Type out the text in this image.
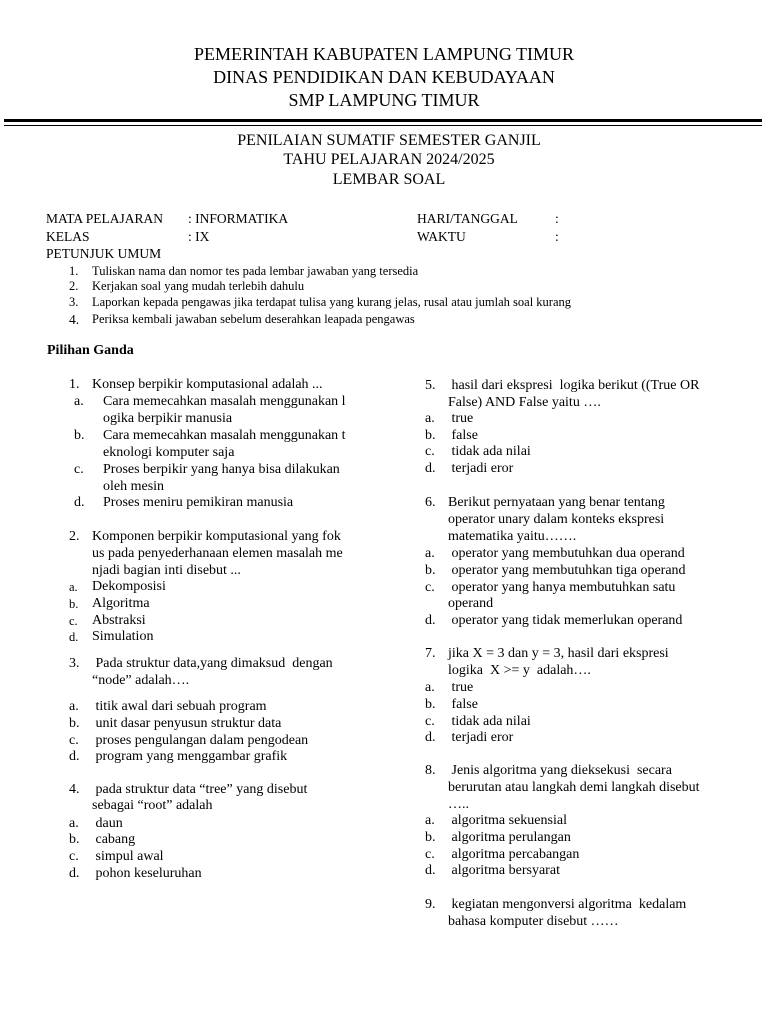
PEMERINTAH KABUPATEN LAMPUNG TIMUR
DINAS PENDIDIKAN DAN KEBUDAYAAN
SMP LAMPUNG TIMUR
PENILAIAN SUMATIF SEMESTER GANJIL
TAHU PELAJARAN 2024/2025
LEMBAR SOAL
MATA PELAJARAN : INFORMATIKA	HARI/TANGGAL	:
KELAS	: IX	WAKTU	:
PETUNJUK UMUM
1. Tuliskan nama dan nomor tes pada lembar jawaban yang tersedia
2. Kerjakan soal yang mudah terlebih dahulu
3. Laporkan kepada pengawas jika terdapat tulisa yang kurang jelas, rusal atau jumlah soal kurang
4. Periksa kembali jawaban sebelum deserahkan leapada pengawas
Pilihan Ganda
1. Konsep berpikir komputasional adalah ...
a. Cara memecahkan masalah menggunakan l
ogika berpikir manusia
b. Cara memecahkan masalah menggunakan t
eknologi komputer saja
c. Proses berpikir yang hanya bisa dilakukan
oleh mesin
d. Proses meniru pemikiran manusia
2. Komponen berpikir komputasional yang fok
us pada penyederhanaan elemen masalah me
njadi bagian inti disebut ...
a. Dekomposisi
b. Algoritma
c. Abstraksi
d. Simulation
3. Pada struktur data,yang dimaksud  dengan
“node” adalah….
a. titik awal dari sebuah program
b. unit dasar penyusun struktur data
c. proses pengulangan dalam pengodean
d. program yang menggambar grafik
4. pada struktur data “tree” yang disebut
sebagai “root” adalah
a. daun
b. cabang
c. simpul awal
d. pohon keseluruhan
5. hasil dari ekspresi  logika berikut ((True OR
False) AND False yaitu ….
a. true
b. false
c. tidak ada nilai
d. terjadi eror
6. Berikut pernyataan yang benar tentang
operator unary dalam konteks ekspresi
matematika yaitu…….
a. operator yang membutuhkan dua operand
b. operator yang membutuhkan tiga operand
c. operator yang hanya membutuhkan satu
operand
d. operator yang tidak memerlukan operand
7. jika X = 3 dan y = 3, hasil dari ekspresi
logika  X >= y  adalah….
a. true
b. false
c. tidak ada nilai
d. terjadi eror
8. Jenis algoritma yang dieksekusi  secara
berurutan atau langkah demi langkah disebut
…..
a. algoritma sekuensial
b. algoritma perulangan
c. algoritma percabangan
d. algoritma bersyarat
9. kegiatan mengonversi algoritma  kedalam
bahasa komputer disebut ……
